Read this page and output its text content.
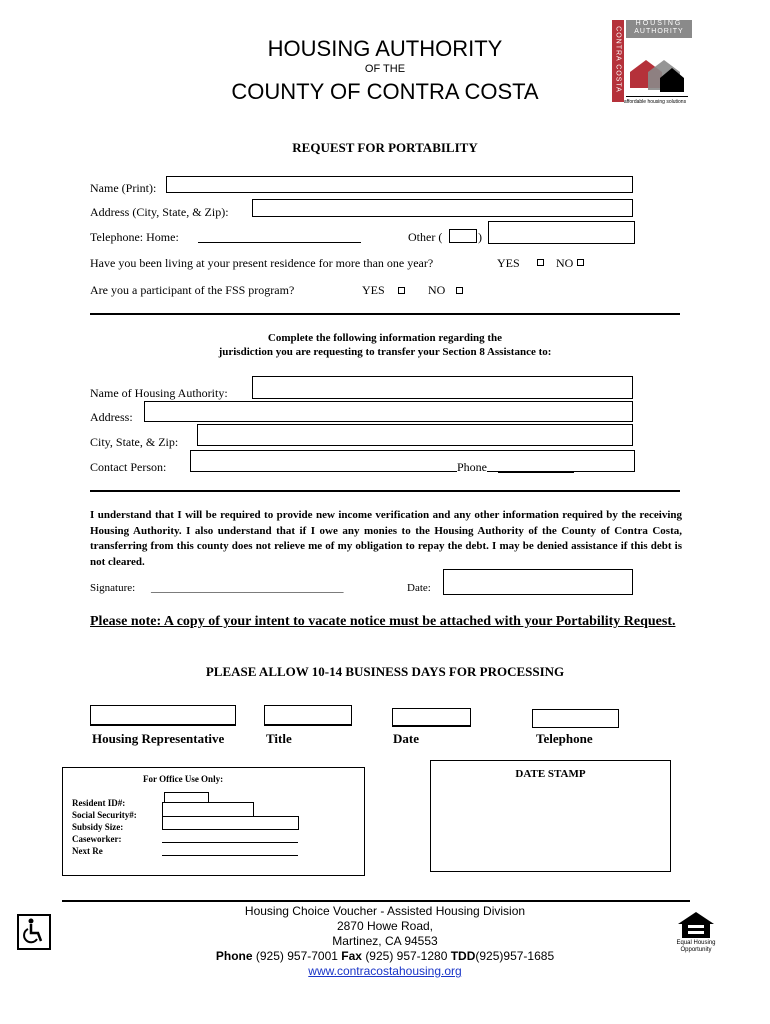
HOUSING AUTHORITY
OF THE
COUNTY OF CONTRA COSTA	CONTRA COSTA
HOUSING
AUTHORITY
affordable housing solutions
REQUEST FOR PORTABILITY
Name (Print):
Address (City, State, & Zip):
Telephone: Home:	Other (	)
Have you been living at your present residence for more than one year?	YES	NO
Are you a participant of the FSS program?	YES	NO
Complete the following information regarding the
jurisdiction you are requesting to transfer your Section 8 Assistance to:
Name of Housing Authority:
Address:
City, State, & Zip:
Contact Person:	Phone
I understand that I will be required to provide new income verification and any other information required by the receiving Housing Authority. I also understand that if I owe any monies to the Housing Authority of the County of Contra Costa, transferring from this county does not relieve me of my obligation to repay the debt. I may be denied assistance if this debt is not cleared.
Signature: ___________________________________	Date:
Please note: A copy of your intent to vacate notice must be attached with your Portability Request.
PLEASE ALLOW 10-14 BUSINESS DAYS FOR PROCESSING
Housing Representative	Title	Date	Telephone
For Office Use Only:
Resident ID#:
Social Security#:
Subsidy Size:
Caseworker:
Next Re
DATE STAMP
Housing Choice Voucher - Assisted Housing Division
2870 Howe Road,
Martinez, CA 94553
Phone (925) 957-7001 Fax (925) 957-1280 TDD(925)957-1685
www.contracostahousing.org
Equal Housing
Opportunity
